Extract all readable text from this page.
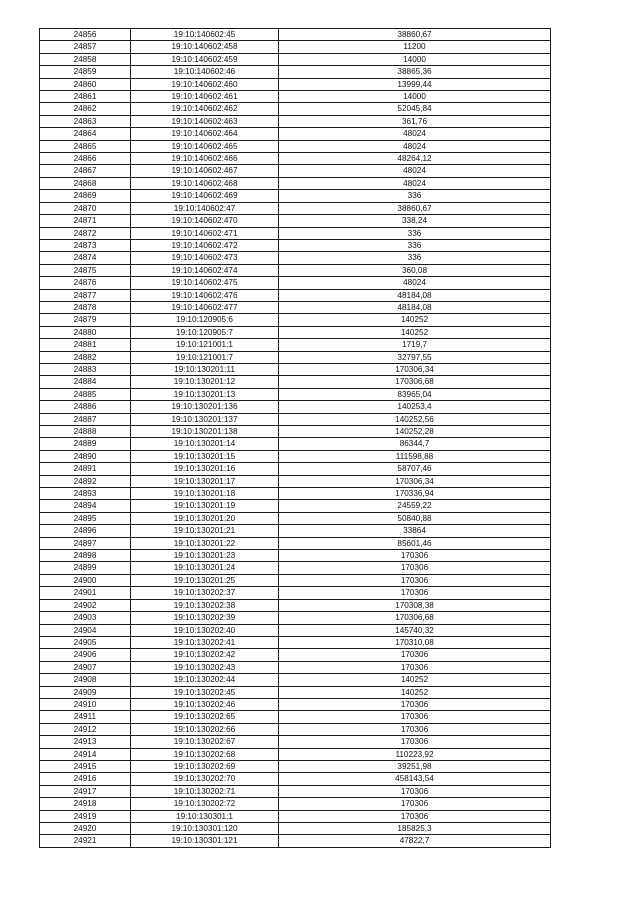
24856	19:10:140602:45	38860,67
24857	19:10:140602:458	11200
24858	19:10:140602:459	14000
24859	19:10:140602:46	38865,36
24860	19:10:140602:460	13999,44
24861	19:10:140602:461	14000
24862	19:10:140602:462	52045,84
24863	19:10:140602:463	361,76
24864	19:10:140602:464	48024
24865	19:10:140602:465	48024
24866	19:10:140602:466	48264,12
24867	19:10:140602:467	48024
24868	19:10:140602:468	48024
24869	19:10:140602:469	336
24870	19:10:140602:47	38860,67
24871	19:10:140602:470	338,24
24872	19:10:140602:471	336
24873	19:10:140602:472	336
24874	19:10:140602:473	336
24875	19:10:140602:474	360,08
24876	19:10:140602:475	48024
24877	19:10:140602:476	48184,08
24878	19:10:140602:477	48184,08
24879	19:10:120905:6	140252
24880	19:10:120905:7	140252
24881	19:10:121001:1	1719,7
24882	19:10:121001:7	32797,55
24883	19:10:130201:11	170306,34
24884	19:10:130201:12	170306,68
24885	19:10:130201:13	83965,04
24886	19:10:130201:136	140253,4
24887	19:10:130201:137	140252,56
24888	19:10:130201:138	140252,28
24889	19:10:130201:14	86344,7
24890	19:10:130201:15	111598,88
24891	19:10:130201:16	58707,46
24892	19:10:130201:17	170306,34
24893	19:10:130201:18	170336,94
24894	19:10:130201:19	24559,22
24895	19:10:130201:20	50840,88
24896	19:10:130201:21	33864
24897	19:10:130201:22	85601,46
24898	19:10:130201:23	170306
24899	19:10:130201:24	170306
24900	19:10:130201:25	170306
24901	19:10:130202:37	170306
24902	19:10:130202:38	170308,38
24903	19:10:130202:39	170306,68
24904	19:10:130202:40	145740,32
24905	19:10:130202:41	170310,08
24906	19:10:130202:42	170306
24907	19:10:130202:43	170306
24908	19:10:130202:44	140252
24909	19:10:130202:45	140252
24910	19:10:130202:46	170306
24911	19:10:130202:65	170306
24912	19:10:130202:66	170306
24913	19:10:130202:67	170306
24914	19:10:130202:68	110223,92
24915	19:10:130202:69	39251,98
24916	19:10:130202:70	458143,54
24917	19:10:130202:71	170306
24918	19:10:130202:72	170306
24919	19:10:130301:1	170306
24920	19:10:130301:120	185825,3
24921	19:10:130301:121	47822,7
